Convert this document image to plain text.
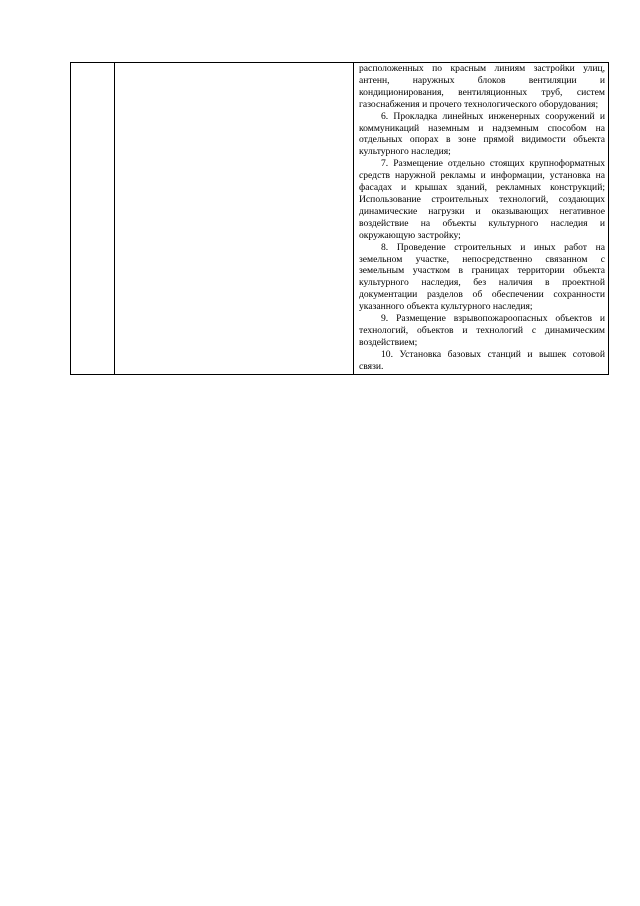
расположенных по красным линиям застройки улиц, антенн, наружных блоков вентиляции и кондиционирования, вентиляционных труб, систем газоснабжения и прочего технологического оборудования;

6. Прокладка линейных инженерных сооружений и коммуникаций наземным и надземным способом на отдельных опорах в зоне прямой видимости объекта культурного наследия;

7. Размещение отдельно стоящих крупноформатных средств наружной рекламы и информации, установка на фасадах и крышах зданий, рекламных конструкций; Использование строительных технологий, создающих динамические нагрузки и оказывающих негативное воздействие на объекты культурного наследия и окружающую застройку;

8. Проведение строительных и иных работ на земельном участке, непосредственно связанном с земельным участком в границах территории объекта культурного наследия, без наличия в проектной документации разделов об обеспечении сохранности указанного объекта культурного наследия;

9. Размещение взрывопожароопасных объектов и технологий, объектов и технологий с динамическим воздействием;

10. Установка базовых станций и вышек сотовой связи.
